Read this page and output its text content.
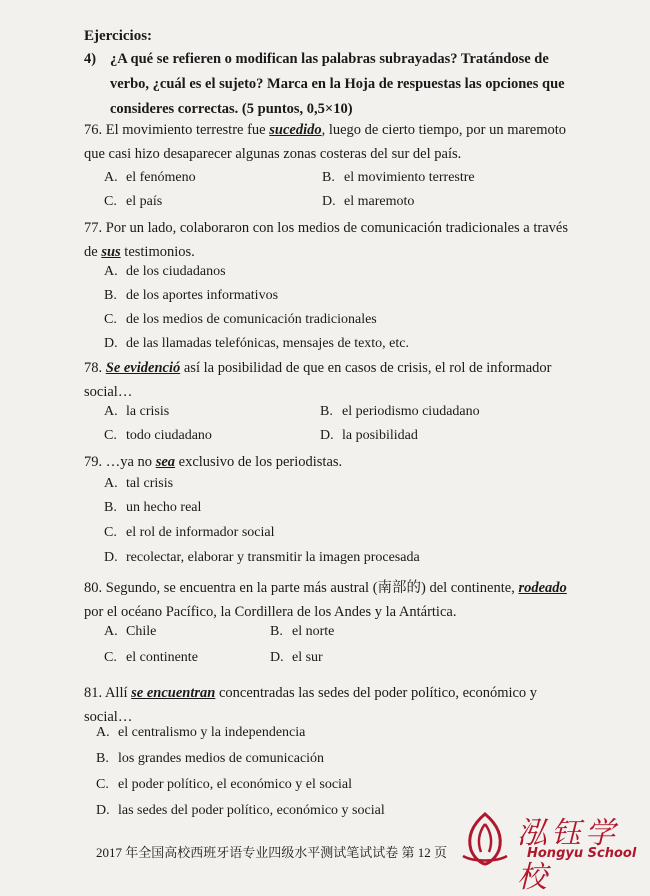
Ejercicios:
4) ¿A qué se refieren o modifican las palabras subrayadas? Tratándose de verbo, ¿cuál es el sujeto? Marca en la Hoja de respuestas las opciones que consideres correctas. (5 puntos, 0,5×10)
76. El movimiento terrestre fue sucedido, luego de cierto tiempo, por un maremoto que casi hizo desaparecer algunas zonas costeras del sur del país.
A. el fenómeno	B. el movimiento terrestre
C. el país	D. el maremoto
77. Por un lado, colaboraron con los medios de comunicación tradicionales a través de sus testimonios.
A. de los ciudadanos
B. de los aportes informativos
C. de los medios de comunicación tradicionales
D. de las llamadas telefónicas, mensajes de texto, etc.
78. Se evidenció así la posibilidad de que en casos de crisis, el rol de informador social…
A. la crisis	B. el periodismo ciudadano
C. todo ciudadano	D. la posibilidad
79. …ya no sea exclusivo de los periodistas.
A. tal crisis
B. un hecho real
C. el rol de informador social
D. recolectar, elaborar y transmitir la imagen procesada
80. Segundo, se encuentra en la parte más austral (南部的) del continente, rodeado por el océano Pacífico, la Cordillera de los Andes y la Antártica.
A. Chile	B. el norte
C. el continente	D. el sur
81. Allí se encuentran concentradas las sedes del poder político, económico y social…
A. el centralismo y la independencia
B. los grandes medios de comunicación
C. el poder político, el económico y el social
D. las sedes del poder político, económico y social
2017 年全国高校西班牙语专业四级水平测试笔试试卷 第 12 页
泓钰学校
Hongyu School
